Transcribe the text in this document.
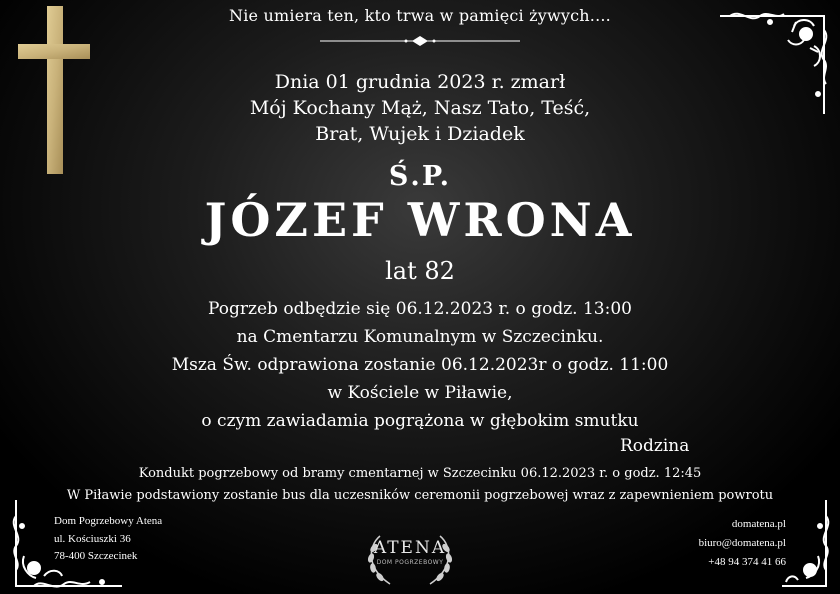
Nie umiera ten, kto trwa w pamięci żywych....
Dnia 01 grudnia 2023 r. zmarł
Mój Kochany Mąż, Nasz Tato, Teść,
Brat, Wujek i Dziadek
Ś.P.
JÓZEF WRONA
lat 82
Pogrzeb odbędzie się 06.12.2023 r. o godz. 13:00
na Cmentarzu Komunalnym w Szczecinku.
Msza Św. odprawiona zostanie 06.12.2023r o godz. 11:00
w Kościele w Piławie,
o czym zawiadamia pogrążona w głębokim smutku
Rodzina
Kondukt pogrzebowy od bramy cmentarnej w Szczecinku 06.12.2023 r. o godz. 12:45
W Piławie podstawiony zostanie bus dla uczesników ceremonii pogrzebowej wraz z zapewnieniem powrotu
Dom Pogrzebowy Atena
ul. Kościuszki 36
78-400 Szczecinek	ATENA
DOM POGRZEBOWY
domatena.pl
biuro@domatena.pl
+48 94 374 41 66
